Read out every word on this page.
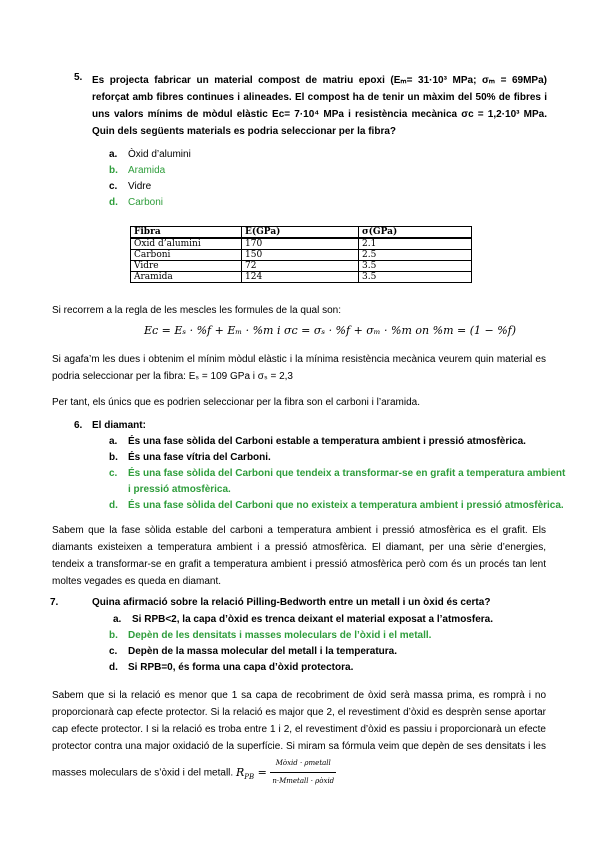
5. Es projecta fabricar un material compost de matriu epoxi (Eₘ= 31·10³ MPa; σₘ = 69MPa) reforçat amb fibres continues i alineades. El compost ha de tenir un màxim del 50% de fibres i uns valors mínims de mòdul elàstic Eᴄ= 7·10⁴ MPa i resistència mecànica σᴄ = 1,2·10³ MPa. Quin dels següents materials es podria seleccionar per la fibra?
a. Òxid d’alumini
b. Aramida
c. Vidre
d. Carboni
Fibra	E(GPa)	σ(GPa)
Òxid d’alumini	170	2.1
Carboni	150	2.5
Vidre	72	3.5
Aramida	124	3.5
Si recorrem a la regla de les mescles les formules de la qual son:
Eᴄ = Eₛ · %f + Eₘ · %m i σᴄ = σₛ · %f + σₘ · %m on %m = (1 − %f)
Si agafa’m les dues i obtenim el mínim mòdul elàstic i la mínima resistència mecànica veurem quin material es podria seleccionar per la fibra: Eₛ = 109 GPa i σₛ = 2,3
Per tant, els únics que es podrien seleccionar per la fibra son el carboni i l’aramida.
6. El diamant:
a. És una fase sòlida del Carboni estable a temperatura ambient i pressió atmosfèrica.
b. És una fase vítria del Carboni.
c. És una fase sòlida del Carboni que tendeix a transformar-se en grafit a temperatura ambient
i pressió atmosfèrica.
d. És una fase sòlida del Carboni que no existeix a temperatura ambient i pressió atmosfèrica.
Sabem que la fase sòlida estable del carboni a temperatura ambient i pressió atmosfèrica es el grafit. Els diamants existeixen a temperatura ambient i a pressió atmosfèrica. El diamant, per una sèrie d’energies, tendeix a transformar-se en grafit a temperatura ambient i pressió atmosfèrica però com és un procés tan lent moltes vegades es queda en diamant.
7.	Quina afirmació sobre la relació Pilling-Bedworth entre un metall i un òxid és certa?
a. Si RPB<2, la capa d’òxid es trenca deixant el material exposat a l’atmosfera.
b. Depèn de les densitats i masses moleculars de l’òxid i el metall.
c. Depèn de la massa molecular del metall i la temperatura.
d. Si RPB=0, és forma una capa d’òxid protectora.
Sabem que si la relació es menor que 1 sa capa de recobriment de òxid serà massa prima, es romprà i no proporcionarà cap efecte protector. Si la relació es major que 2, el revestiment d’òxid es desprèn sense aportar cap efecte protector. I si la relació es troba entre 1 i 2, el revestiment d’òxid es passiu i proporcionarà un efecte protector contra una major oxidació de la superfície. Si miram sa fórmula veim que depèn de ses densitats i les masses moleculars de s’òxid i del metall. $R_{PB} = \frac{\text{Mòxid · ρmetall}}{\text{n·Mmetall · ρòxid}}$
